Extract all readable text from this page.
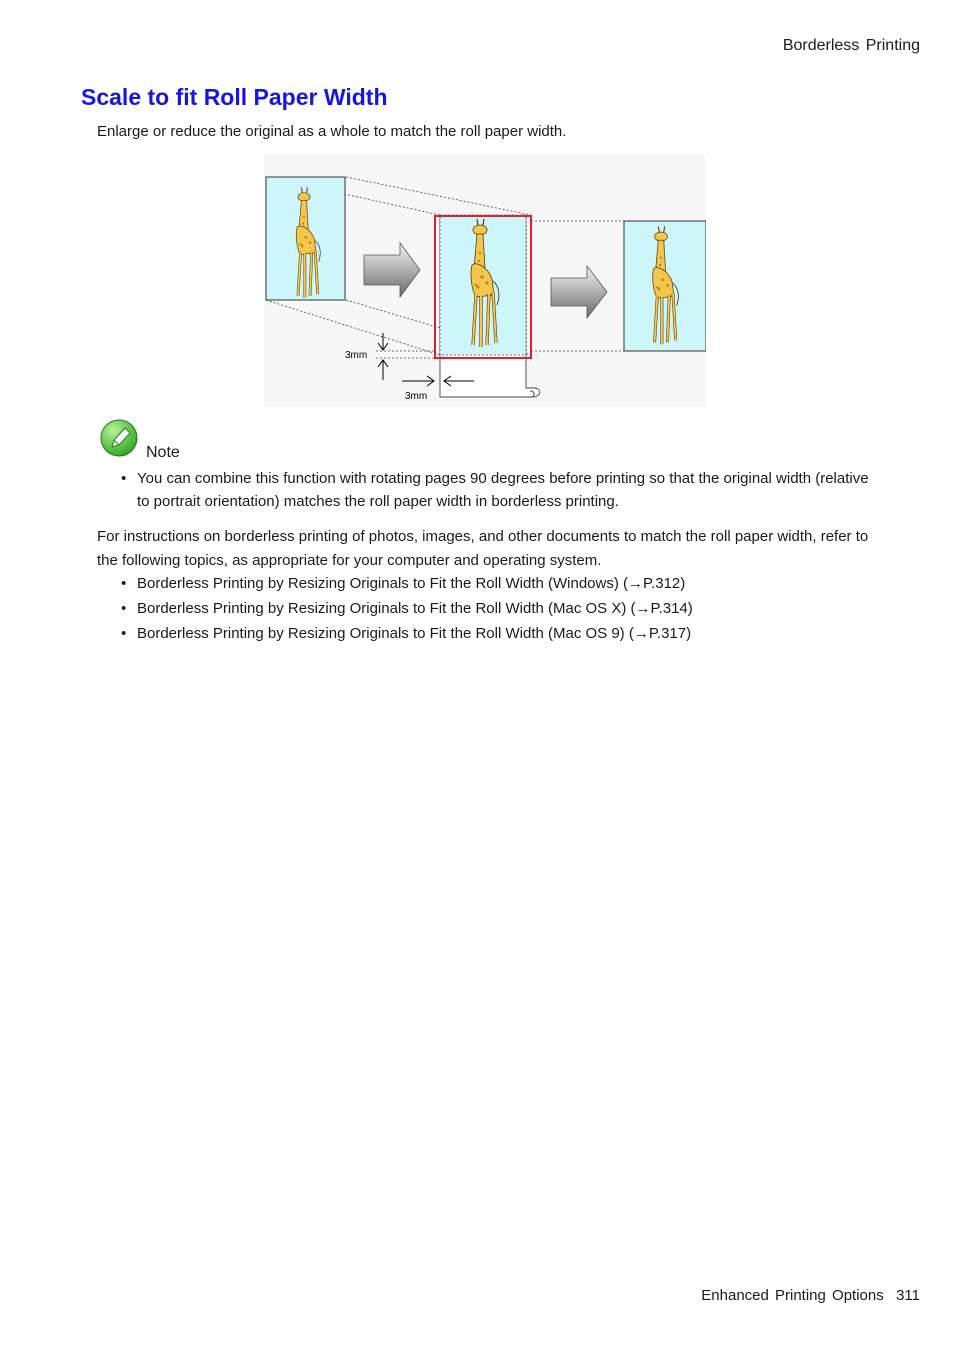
Borderless Printing
Scale to fit Roll Paper Width

Enlarge or reduce the original as a whole to match the roll paper width.

3mm
3mm
Note
• You can combine this function with rotating pages 90 degrees before printing so that the original width (relative to portrait orientation) matches the roll paper width in borderless printing.

For instructions on borderless printing of photos, images, and other documents to match the roll paper width, refer to the following topics, as appropriate for your computer and operating system.

• Borderless Printing by Resizing Originals to Fit the Roll Width (Windows) (→P.312)
• Borderless Printing by Resizing Originals to Fit the Roll Width (Mac OS X) (→P.314)
• Borderless Printing by Resizing Originals to Fit the Roll Width (Mac OS 9) (→P.317)
Enhanced Printing Options 311
